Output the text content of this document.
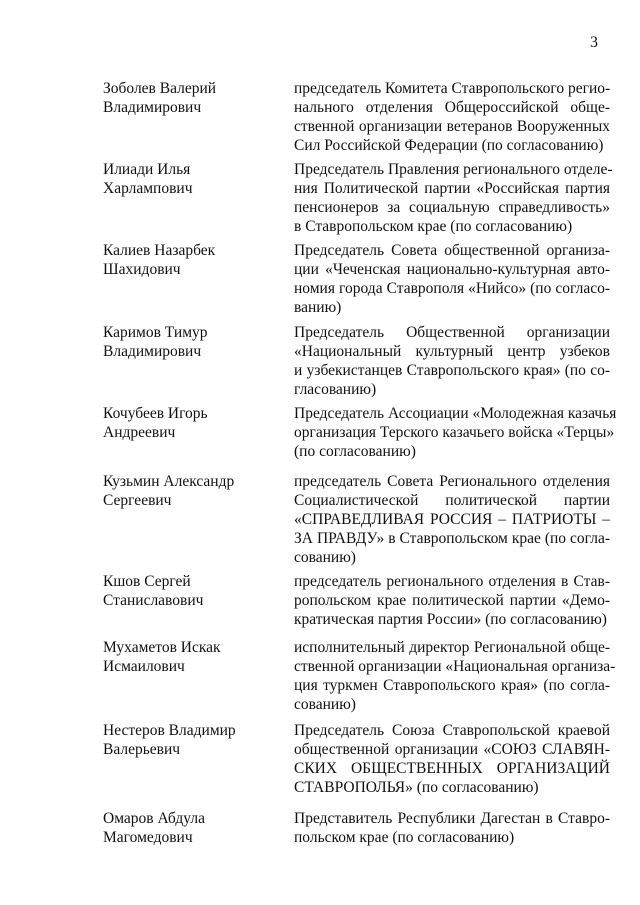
3
Зоболев Валерий
Владимирович
председатель Комитета Ставропольского регио-
нального отделения Общероссийской обще-
ственной организации ветеранов Вооруженных
Сил Российской Федерации (по согласованию)
Илиади Илья
Харлампович
Председатель Правления регионального отделе-
ния Политической партии «Российская партия
пенсионеров за социальную справедливость»
в Ставропольском крае (по согласованию)
Калиев Назарбек
Шахидович
Председатель Совета общественной организа-
ции «Чеченская национально-культурная авто-
номия города Ставрополя «Нийсо» (по согласо-
ванию)
Каримов Тимур
Владимирович
Председатель Общественной организации
«Национальный культурный центр узбеков
и узбекистанцев Ставропольского края» (по со-
гласованию)
Кочубеев Игорь
Андреевич
Председатель Ассоциации «Молодежная казачья
организация Терского казачьего войска «Терцы»
(по согласованию)
Кузьмин Александр
Сергеевич
председатель Совета Регионального отделения
Социалистической политической партии
«СПРАВЕДЛИВАЯ РОССИЯ – ПАТРИОТЫ –
ЗА ПРАВДУ» в Ставропольском крае (по согла-
сованию)
Кшов Сергей
Станиславович
председатель регионального отделения в Став-
ропольском крае политической партии «Демо-
кратическая партия России» (по согласованию)
Мухаметов Искак
Исмаилович
исполнительный директор Региональной обще-
ственной организации «Национальная организа-
ция туркмен Ставропольского края» (по согла-
сованию)
Нестеров Владимир
Валерьевич
Председатель Союза Ставропольской краевой
общественной организации «СОЮЗ СЛАВЯН-
СКИХ ОБЩЕСТВЕННЫХ ОРГАНИЗАЦИЙ
СТАВРОПОЛЬЯ» (по согласованию)
Омаров Абдула
Магомедович
Представитель Республики Дагестан в Ставро-
польском крае (по согласованию)
